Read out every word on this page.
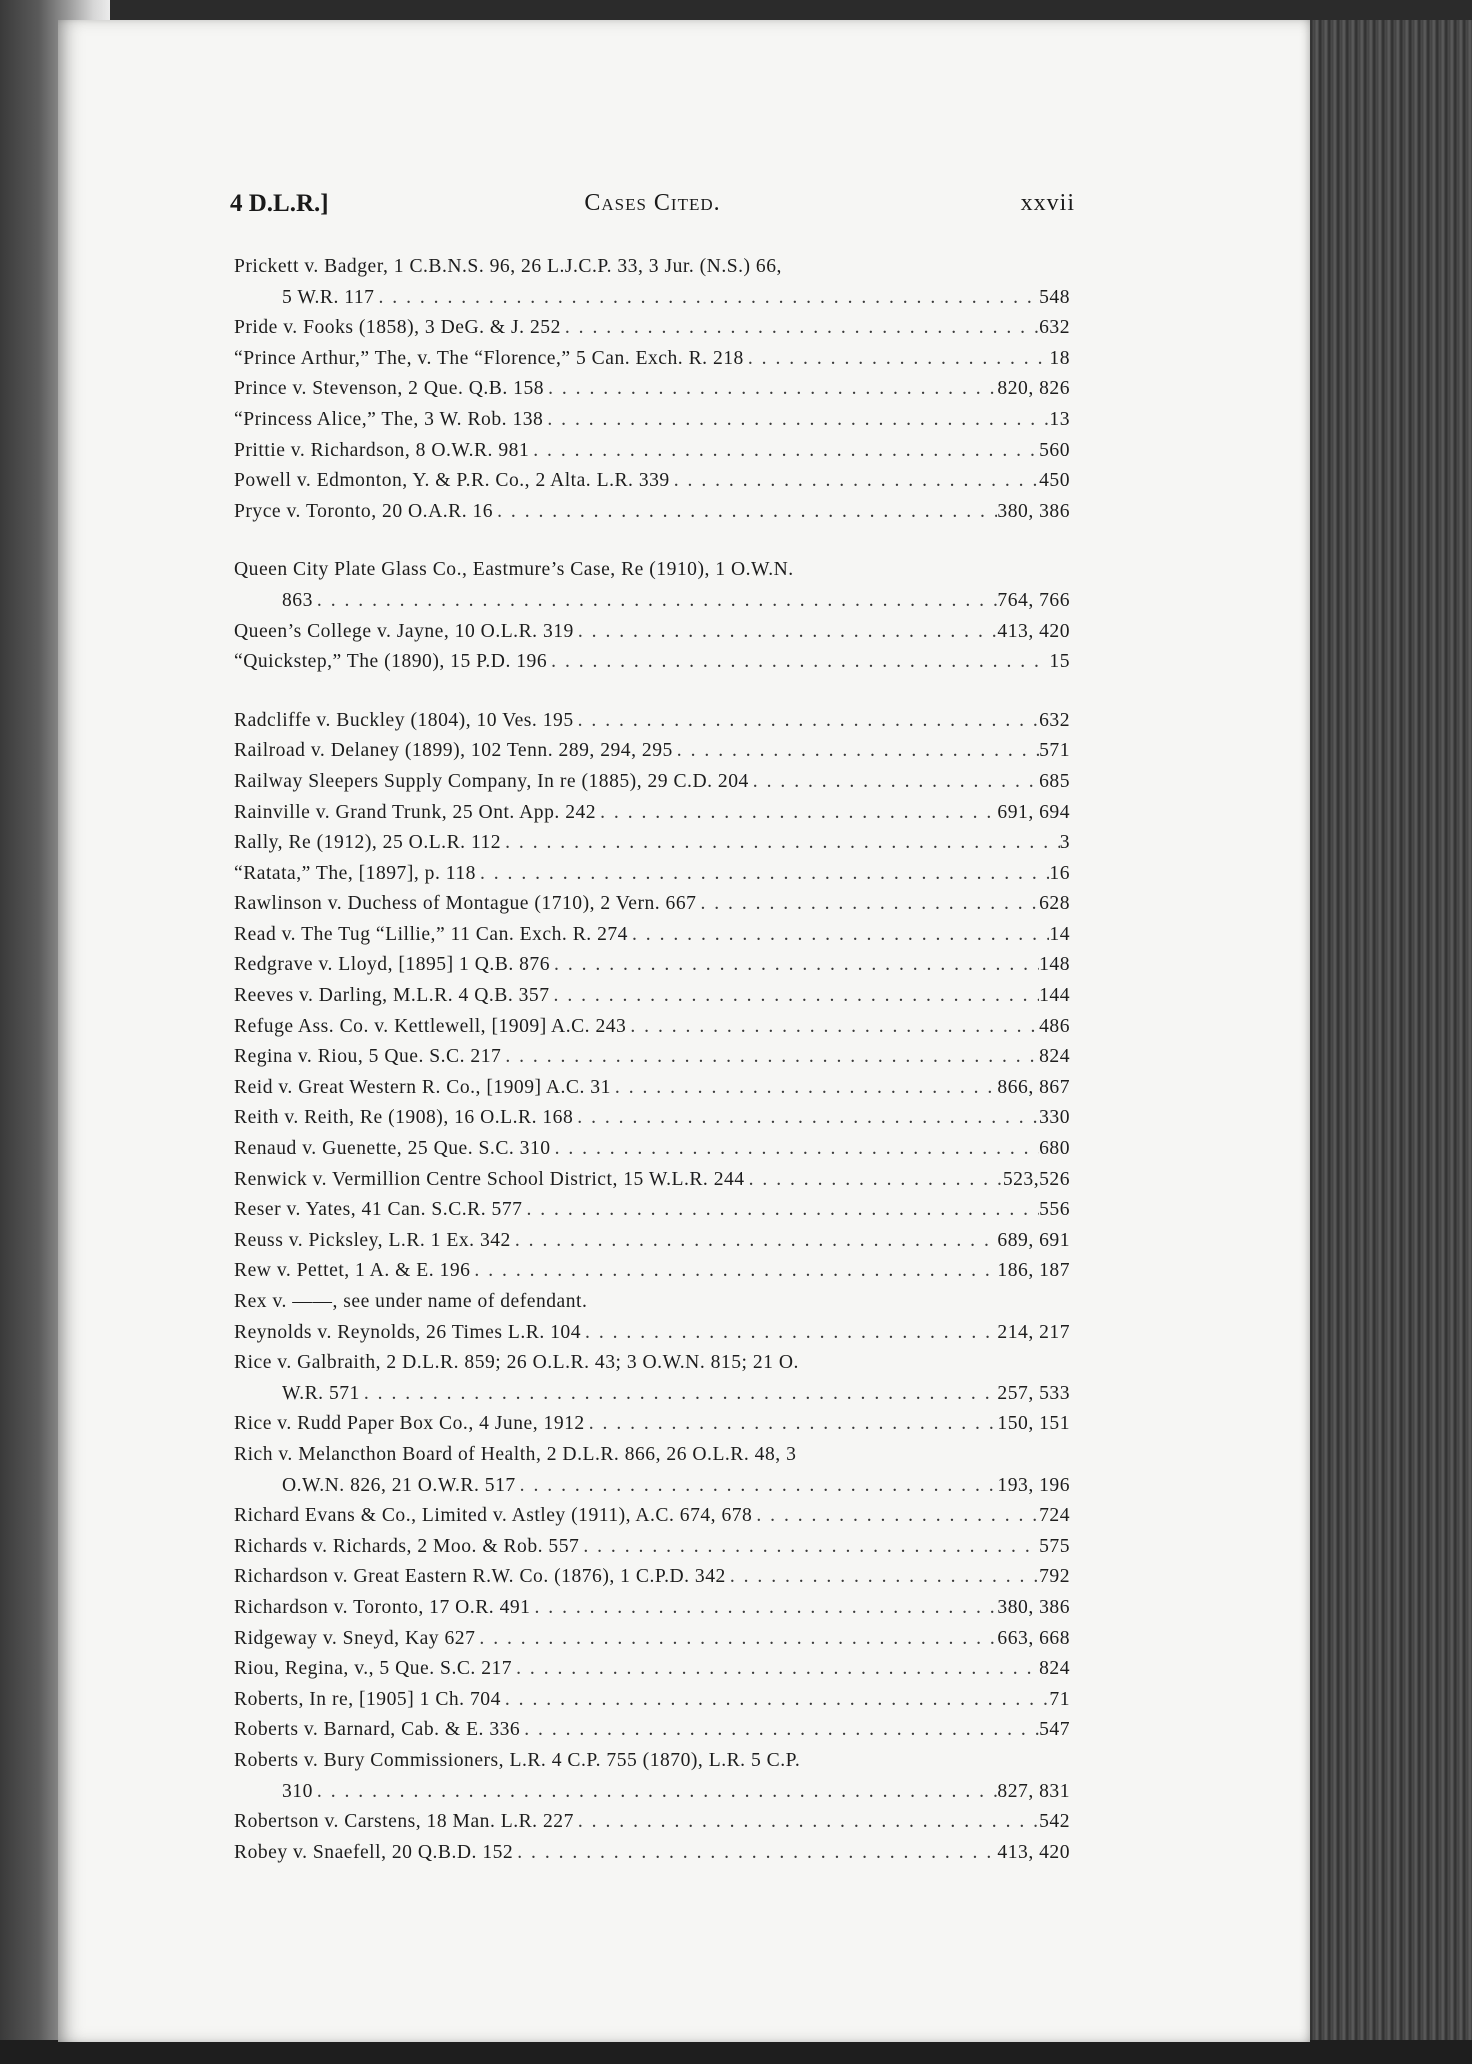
4 D.L.R.]	Cases Cited.	xxvii
Prickett v. Badger, 1 C.B.N.S. 96, 26 L.J.C.P. 33, 3 Jur. (N.S.) 66,
5 W.R. 117 . . .	548
Pride v. Fooks (1858), 3 DeG. & J. 252 . . .	632
“Prince Arthur,” The, v. The “Florence,” 5 Can. Exch. R. 218 . . .	18
Prince v. Stevenson, 2 Que. Q.B. 158 . . .	820, 826
“Princess Alice,” The, 3 W. Rob. 138 . . .	13
Prittie v. Richardson, 8 O.W.R. 981 . . .	560
Powell v. Edmonton, Y. & P.R. Co., 2 Alta. L.R. 339 . . .	450
Pryce v. Toronto, 20 O.A.R. 16 . . .	380, 386
Queen City Plate Glass Co., Eastmure’s Case, Re (1910), 1 O.W.N.
863 . . .	764, 766
Queen’s College v. Jayne, 10 O.L.R. 319 . . .	413, 420
“Quickstep,” The (1890), 15 P.D. 196 . . .	15
Radcliffe v. Buckley (1804), 10 Ves. 195 . . .	632
Railroad v. Delaney (1899), 102 Tenn. 289, 294, 295 . . .	571
Railway Sleepers Supply Company, In re (1885), 29 C.D. 204 . . .	685
Rainville v. Grand Trunk, 25 Ont. App. 242 . . .	691, 694
Rally, Re (1912), 25 O.L.R. 112 . . .	3
“Ratata,” The, [1897], p. 118 . . .	16
Rawlinson v. Duchess of Montague (1710), 2 Vern. 667 . . .	628
Read v. The Tug “Lillie,” 11 Can. Exch. R. 274 . . .	14
Redgrave v. Lloyd, [1895] 1 Q.B. 876 . . .	148
Reeves v. Darling, M.L.R. 4 Q.B. 357 . . .	144
Refuge Ass. Co. v. Kettlewell, [1909] A.C. 243 . . .	486
Regina v. Riou, 5 Que. S.C. 217 . . .	824
Reid v. Great Western R. Co., [1909] A.C. 31 . . .	866, 867
Reith v. Reith, Re (1908), 16 O.L.R. 168 . . .	330
Renaud v. Guenette, 25 Que. S.C. 310 . . .	680
Renwick v. Vermillion Centre School District, 15 W.L.R. 244 . . .	523,526
Reser v. Yates, 41 Can. S.C.R. 577 . . .	556
Reuss v. Picksley, L.R. 1 Ex. 342 . . .	689, 691
Rew v. Pettet, 1 A. & E. 196 . . .	186, 187
Rex v. ——, see under name of defendant.
Reynolds v. Reynolds, 26 Times L.R. 104 . . .	214, 217
Rice v. Galbraith, 2 D.L.R. 859; 26 O.L.R. 43; 3 O.W.N. 815; 21 O.
W.R. 571 . . .	257, 533
Rice v. Rudd Paper Box Co., 4 June, 1912 . . .	150, 151
Rich v. Melancthon Board of Health, 2 D.L.R. 866, 26 O.L.R. 48, 3
O.W.N. 826, 21 O.W.R. 517 . . .	193, 196
Richard Evans & Co., Limited v. Astley (1911), A.C. 674, 678 . . .	724
Richards v. Richards, 2 Moo. & Rob. 557 . . .	575
Richardson v. Great Eastern R.W. Co. (1876), 1 C.P.D. 342 . . .	792
Richardson v. Toronto, 17 O.R. 491 . . .	380, 386
Ridgeway v. Sneyd, Kay 627 . . .	663, 668
Riou, Regina, v., 5 Que. S.C. 217 . . .	824
Roberts, In re, [1905] 1 Ch. 704 . . .	71
Roberts v. Barnard, Cab. & E. 336 . . .	547
Roberts v. Bury Commissioners, L.R. 4 C.P. 755 (1870), L.R. 5 C.P.
310 . . .	827, 831
Robertson v. Carstens, 18 Man. L.R. 227 . . .	542
Robey v. Snaefell, 20 Q.B.D. 152 . . .	413, 420
